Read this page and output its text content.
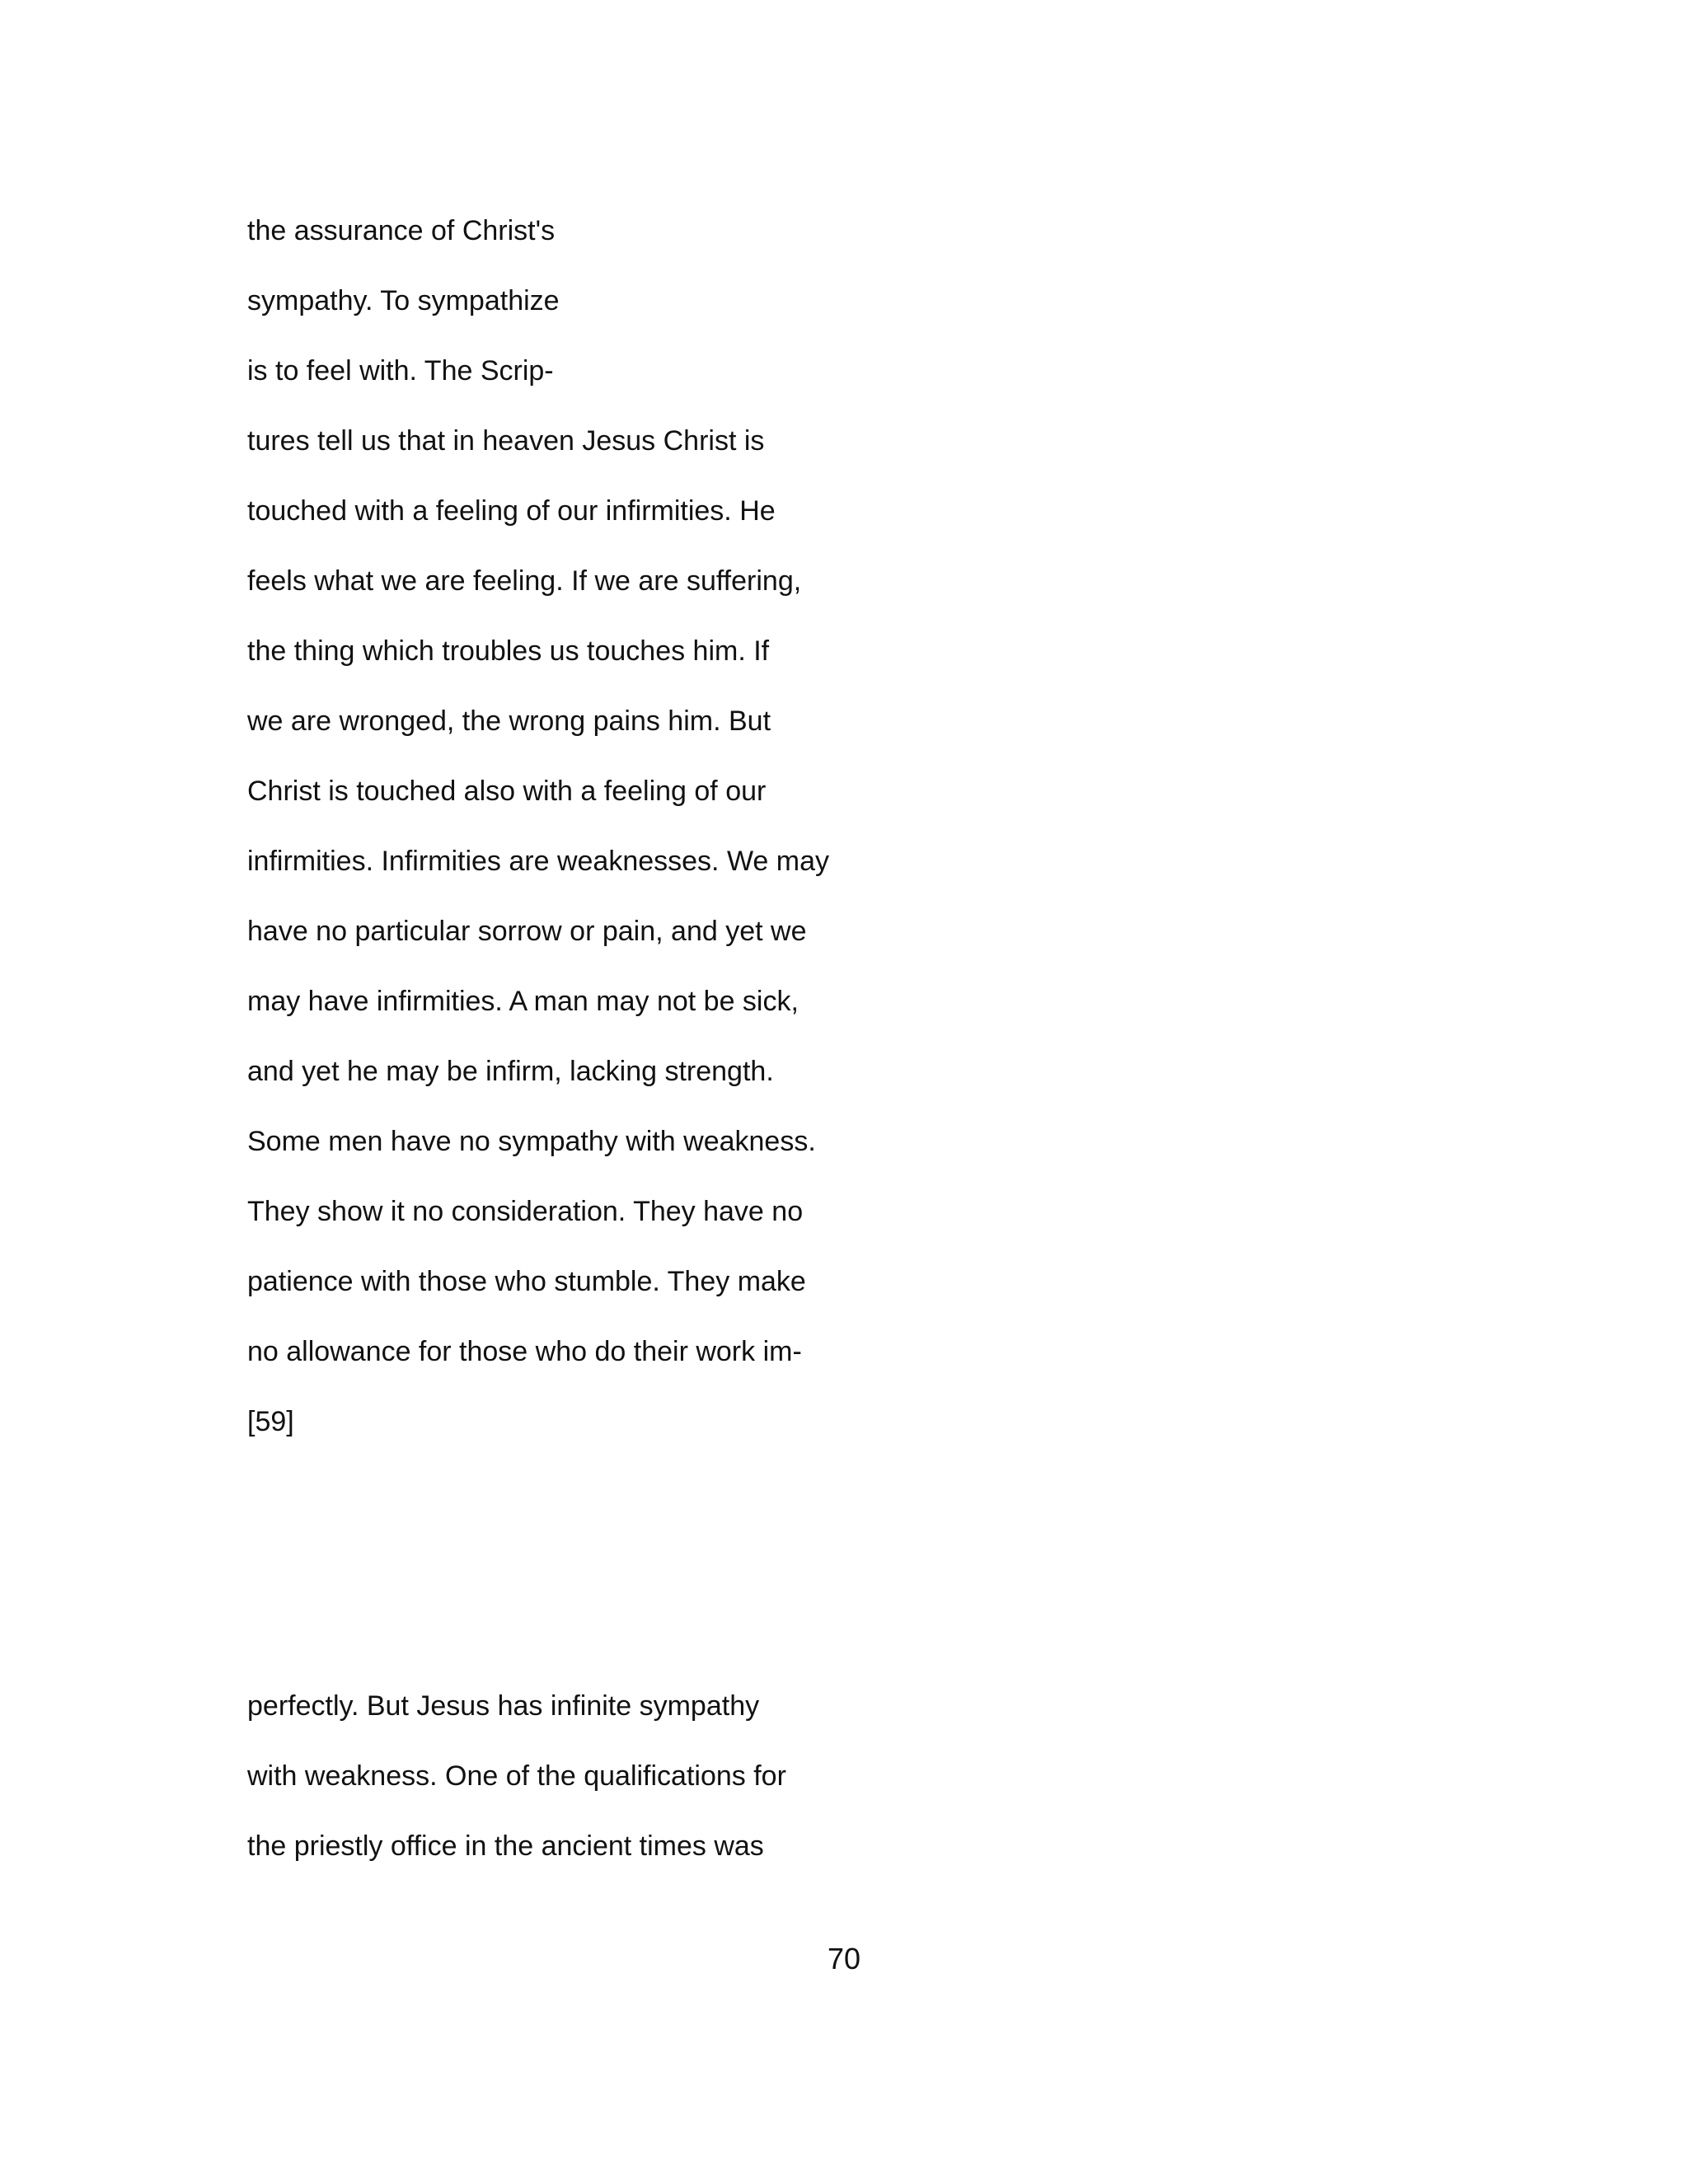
the assurance of Christ's
sympathy. To sympathize
is to feel with. The Scrip-
tures tell us that in heaven Jesus Christ is
touched with a feeling of our infirmities. He
feels what we are feeling. If we are suffering,
the thing which troubles us touches him. If
we are wronged, the wrong pains him. But
Christ is touched also with a feeling of our
infirmities. Infirmities are weaknesses. We may
have no particular sorrow or pain, and yet we
may have infirmities. A man may not be sick,
and yet he may be infirm, lacking strength.
Some men have no sympathy with weakness.
They show it no consideration. They have no
patience with those who stumble. They make
no allowance for those who do their work im-
[59]
perfectly. But Jesus has infinite sympathy
with weakness. One of the qualifications for
the priestly office in the ancient times was
70
